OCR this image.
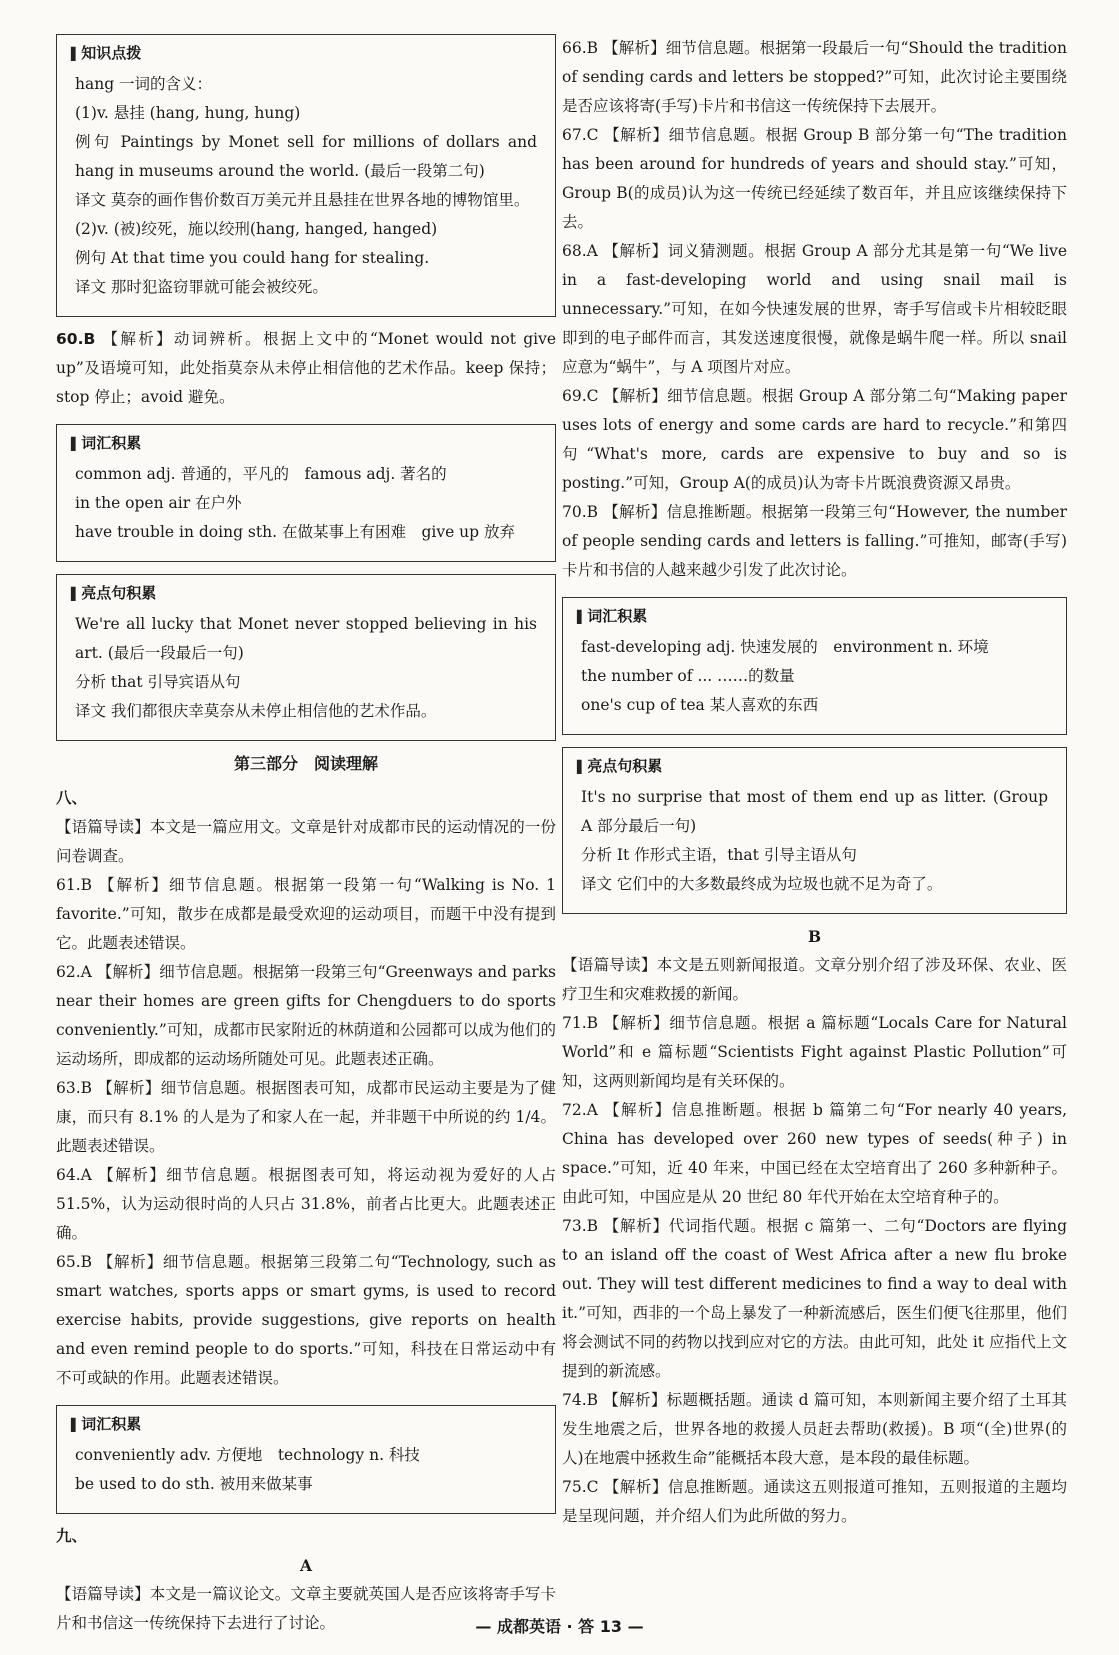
▌ 知识点拨

hang 一词的含义：

(1)v. 悬挂 (hang, hung, hung)

例句 Paintings by Monet sell for millions of dollars and hang in museums around the world. (最后一段第二句)

译文 莫奈的画作售价数百万美元并且悬挂在世界各地的博物馆里。

(2)v. (被)绞死，施以绞刑(hang, hanged, hanged)

例句 At that time you could hang for stealing.

译文 那时犯盗窃罪就可能会被绞死。

60.B 【解析】动词辨析。根据上文中的“Monet would not give up”及语境可知，此处指莫奈从未停止相信他的艺术作品。keep 保持；stop 停止；avoid 避免。

▌ 词汇积累

common adj. 普通的，平凡的　famous adj. 著名的

in the open air 在户外

have trouble in doing sth. 在做某事上有困难　give up 放弃

▌ 亮点句积累

We're all lucky that Monet never stopped believing in his art. (最后一段最后一句)

分析 that 引导宾语从句

译文 我们都很庆幸莫奈从未停止相信他的艺术作品。

第三部分　阅读理解

八、

【语篇导读】本文是一篇应用文。文章是针对成都市民的运动情况的一份问卷调查。

61.B 【解析】细节信息题。根据第一段第一句“Walking is No. 1 favorite.”可知，散步在成都是最受欢迎的运动项目，而题干中没有提到它。此题表述错误。

62.A 【解析】细节信息题。根据第一段第三句“Greenways and parks near their homes are green gifts for Chengduers to do sports conveniently.”可知，成都市民家附近的林荫道和公园都可以成为他们的运动场所，即成都的运动场所随处可见。此题表述正确。

63.B 【解析】细节信息题。根据图表可知，成都市民运动主要是为了健康，而只有 8.1% 的人是为了和家人在一起，并非题干中所说的约 1/4。此题表述错误。

64.A 【解析】细节信息题。根据图表可知，将运动视为爱好的人占 51.5%，认为运动很时尚的人只占 31.8%，前者占比更大。此题表述正确。

65.B 【解析】细节信息题。根据第三段第二句“Technology, such as smart watches, sports apps or smart gyms, is used to record exercise habits, provide suggestions, give reports on health and even remind people to do sports.”可知，科技在日常运动中有不可或缺的作用。此题表述错误。

▌ 词汇积累

conveniently adv. 方便地　technology n. 科技

be used to do sth. 被用来做某事

九、

A

【语篇导读】本文是一篇议论文。文章主要就英国人是否应该将寄手写卡片和书信这一传统保持下去进行了讨论。

66.B 【解析】细节信息题。根据第一段最后一句“Should the tradition of sending cards and letters be stopped?”可知，此次讨论主要围绕是否应该将寄(手写)卡片和书信这一传统保持下去展开。

67.C 【解析】细节信息题。根据 Group B 部分第一句“The tradition has been around for hundreds of years and should stay.”可知，Group B(的成员)认为这一传统已经延续了数百年，并且应该继续保持下去。

68.A 【解析】词义猜测题。根据 Group A 部分尤其是第一句“We live in a fast-developing world and using snail mail is unnecessary.”可知，在如今快速发展的世界，寄手写信或卡片相较眨眼即到的电子邮件而言，其发送速度很慢，就像是蜗牛爬一样。所以 snail 应意为“蜗牛”，与 A 项图片对应。

69.C 【解析】细节信息题。根据 Group A 部分第二句“Making paper uses lots of energy and some cards are hard to recycle.”和第四句“What's more, cards are expensive to buy and so is posting.”可知，Group A(的成员)认为寄卡片既浪费资源又昂贵。

70.B 【解析】信息推断题。根据第一段第三句“However, the number of people sending cards and letters is falling.”可推知，邮寄(手写)卡片和书信的人越来越少引发了此次讨论。

▌ 词汇积累

fast-developing adj. 快速发展的　environment n. 环境

the number of ... ……的数量

one's cup of tea 某人喜欢的东西

▌ 亮点句积累

It's no surprise that most of them end up as litter. (Group A 部分最后一句)

分析 It 作形式主语，that 引导主语从句

译文 它们中的大多数最终成为垃圾也就不足为奇了。

B

【语篇导读】本文是五则新闻报道。文章分别介绍了涉及环保、农业、医疗卫生和灾难救援的新闻。

71.B 【解析】细节信息题。根据 a 篇标题“Locals Care for Natural World”和 e 篇标题“Scientists Fight against Plastic Pollution”可知，这两则新闻均是有关环保的。

72.A 【解析】信息推断题。根据 b 篇第二句“For nearly 40 years, China has developed over 260 new types of seeds(种子) in space.”可知，近 40 年来，中国已经在太空培育出了 260 多种新种子。由此可知，中国应是从 20 世纪 80 年代开始在太空培育种子的。

73.B 【解析】代词指代题。根据 c 篇第一、二句“Doctors are flying to an island off the coast of West Africa after a new flu broke out. They will test different medicines to find a way to deal with it.”可知，西非的一个岛上暴发了一种新流感后，医生们便飞往那里，他们将会测试不同的药物以找到应对它的方法。由此可知，此处 it 应指代上文提到的新流感。

74.B 【解析】标题概括题。通读 d 篇可知，本则新闻主要介绍了土耳其发生地震之后，世界各地的救援人员赶去帮助(救援)。B 项“(全)世界(的人)在地震中拯救生命”能概括本段大意，是本段的最佳标题。

75.C 【解析】信息推断题。通读这五则报道可推知，五则报道的主题均是呈现问题，并介绍人们为此所做的努力。

— 成都英语 · 答 13 —
